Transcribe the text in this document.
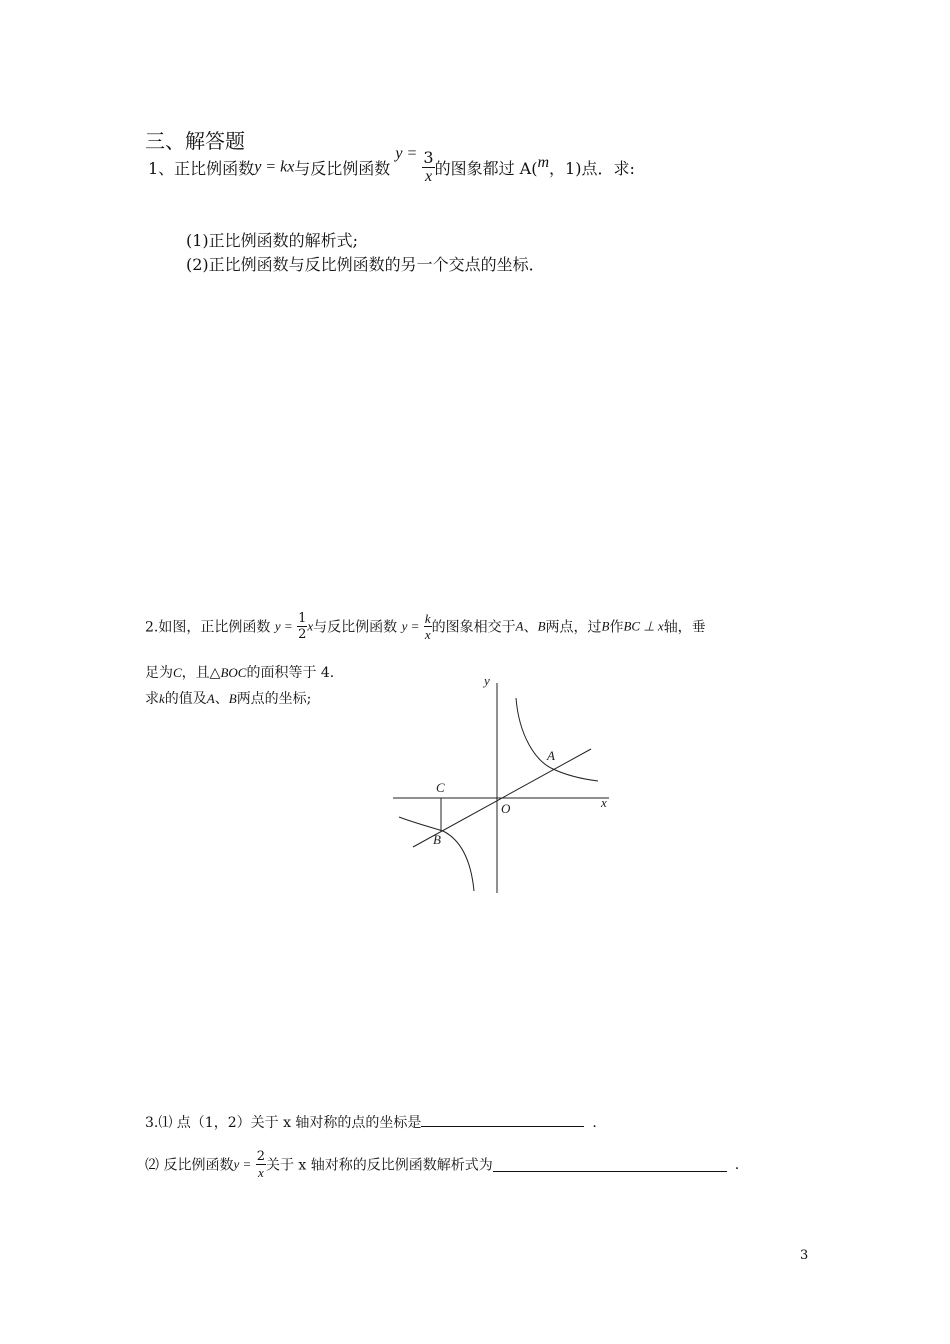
三、解答题
1、正比例函数y = kx与反比例函数 $y = \frac{3}{x}$ 的图象都过 A(m，1)点．求:
(1)正比例函数的解析式;
(2)正比例函数与反比例函数的另一个交点的坐标．
2.如图，正比例函数 $y = \frac{1}{2}$ x与反比例函数 $y = \frac{k}{x}$ 的图象相交于A、B两点，过B作BC ⊥ x轴，垂
足为C，且△BOC的面积等于 4.
求k的值及A、B两点的坐标;
y
x
O
A
B
C
3.⑴ 点（1，2）关于 x 轴对称的点的坐标是	.
⑵ 反比例函数$y = \frac{2}{x}$ 关于 x 轴对称的反比例函数解析式为	.
3
